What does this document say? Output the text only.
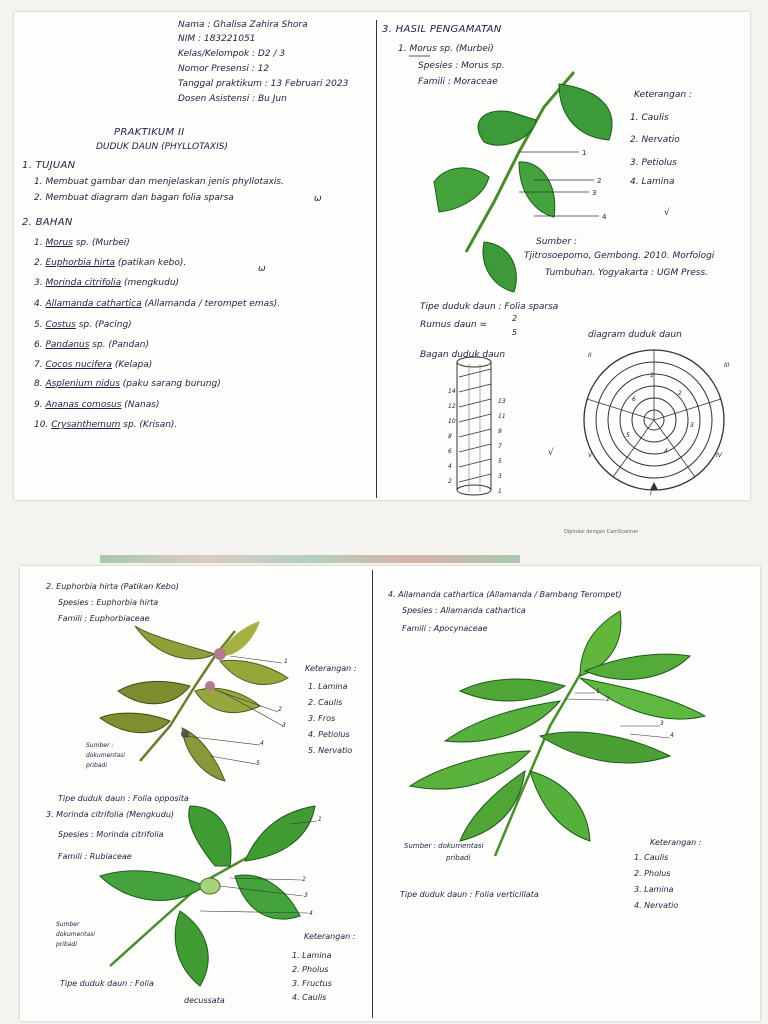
Dipindai dengan CamScanner
Nama : Ghalisa Zahira Shora
NIM : 183221051
Kelas/Kelompok : D2 / 3
Nomor Presensi : 12
Tanggal praktikum : 13 Februari 2023
Dosen Asistensi : Bu Jun
PRAKTIKUM II
DUDUK DAUN (PHYLLOTAXIS)
1. TUJUAN
1. Membuat gambar dan menjelaskan jenis phyllotaxis.
2. Membuat diagram dan bagan folia sparsa	ω
2. BAHAN
1. Morus sp. (Murbei)
2. Euphorbia hirta (patikan kebo).
3. Morinda citrifolia (mengkudu)
4. Allamanda cathartica (Allamanda / terompet emas).
5. Costus sp. (Pacing)
6. Pandanus sp. (Pandan)
7. Cocos nucifera (Kelapa)
8. Asplenium nidus (paku sarang burung)
9. Ananas comosus (Nanas)
10. Crysanthemum sp. (Krisan).
ω
3. HASIL PENGAMATAN
1. Morus sp. (Murbei)
Spesies : Morus sp.
Famili : Moraceae
Keterangan :
1. Caulis
2. Nervatio
3. Petiolus
4. Lamina
√
Sumber :
Tjitrosoepomo, Gembong. 2010. Morfologi
Tumbuhan. Yogyakarta : UGM Press.
Tipe duduk daun : Folia sparsa
Rumus daun =
2
5
Bagan duduk daun
diagram duduk daun
√
1
2
3
4
14
13
12
11
10
9
8
7
6
5
4
3
2
1	I
II
III
IV
V
1
2
3
4
5
6
2. Euphorbia hirta (Patikan Kebo)
Spesies : Euphorbia hirta
Famili : Euphorbiaceae
Keterangan :
1. Lamina
2. Caulis
3. Fros
4. Petiolus
5. Nervatio
Sumber :
dokumentasi
pribadi
Tipe duduk daun : Folia opposita
3. Morinda citrifolia (Mengkudu)
Spesies : Morinda citrifolia
Famili : Rubiaceae
Sumber
dokumentasi
pribadi
Keterangan :
1. Lamina
2. Pholus
3. Fructus
4. Caulis
Tipe duduk daun : Folia
decussata
4. Allamanda cathartica (Allamanda / Bambang Terompet)
Spesies : Allamanda cathartica
Famili : Apocynaceae
Sumber : dokumentasi
pribadi
Keterangan :
1. Caulis
2. Pholus
3. Lamina
4. Nervatio
Tipe duduk daun : Folia verticillata
1
2
3
4
5
1
2
3
4
1
2
3
4
